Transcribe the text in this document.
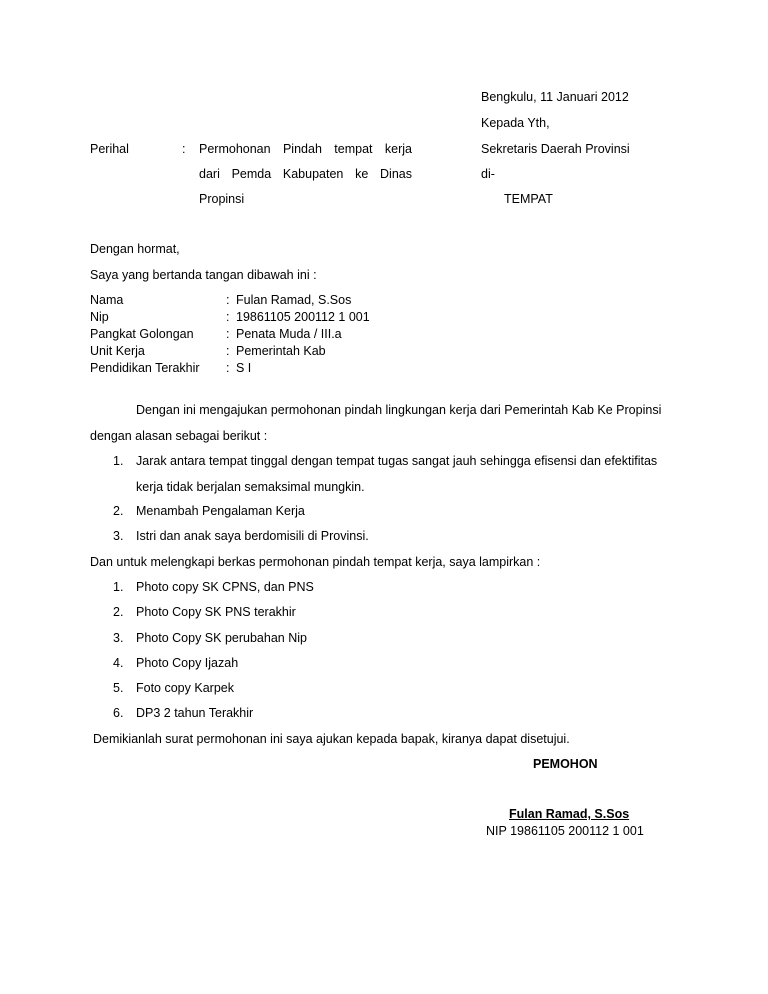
Bengkulu, 11 Januari 2012
Kepada Yth,
Sekretaris Daerah Provinsi
di-
TEMPAT
Perihal	: Permohonan Pindah tempat kerja
dari Pemda Kabupaten ke Dinas
Propinsi
Dengan hormat,
Saya yang bertanda tangan dibawah ini :
Nama	: Fulan Ramad, S.Sos
Nip	: 19861105 200112 1 001
Pangkat Golongan	: Penata Muda / III.a
Unit Kerja	: Pemerintah Kab
Pendidikan Terakhir : S I
Dengan ini mengajukan permohonan pindah lingkungan kerja dari Pemerintah Kab Ke Propinsi
dengan alasan sebagai berikut :
1. Jarak antara tempat tinggal dengan tempat tugas sangat jauh sehingga efisensi dan efektifitas
kerja tidak berjalan semaksimal mungkin.
2. Menambah Pengalaman Kerja
3. Istri dan anak saya berdomisili di Provinsi.
Dan untuk melengkapi berkas permohonan pindah tempat kerja, saya lampirkan :
1. Photo copy SK CPNS, dan PNS
2. Photo Copy SK PNS terakhir
3. Photo Copy SK perubahan Nip
4. Photo Copy Ijazah
5. Foto copy Karpek
6. DP3 2 tahun Terakhir
Demikianlah surat permohonan ini saya ajukan kepada bapak, kiranya dapat disetujui.
PEMOHON
Fulan Ramad, S.Sos
NIP 19861105 200112 1 001
